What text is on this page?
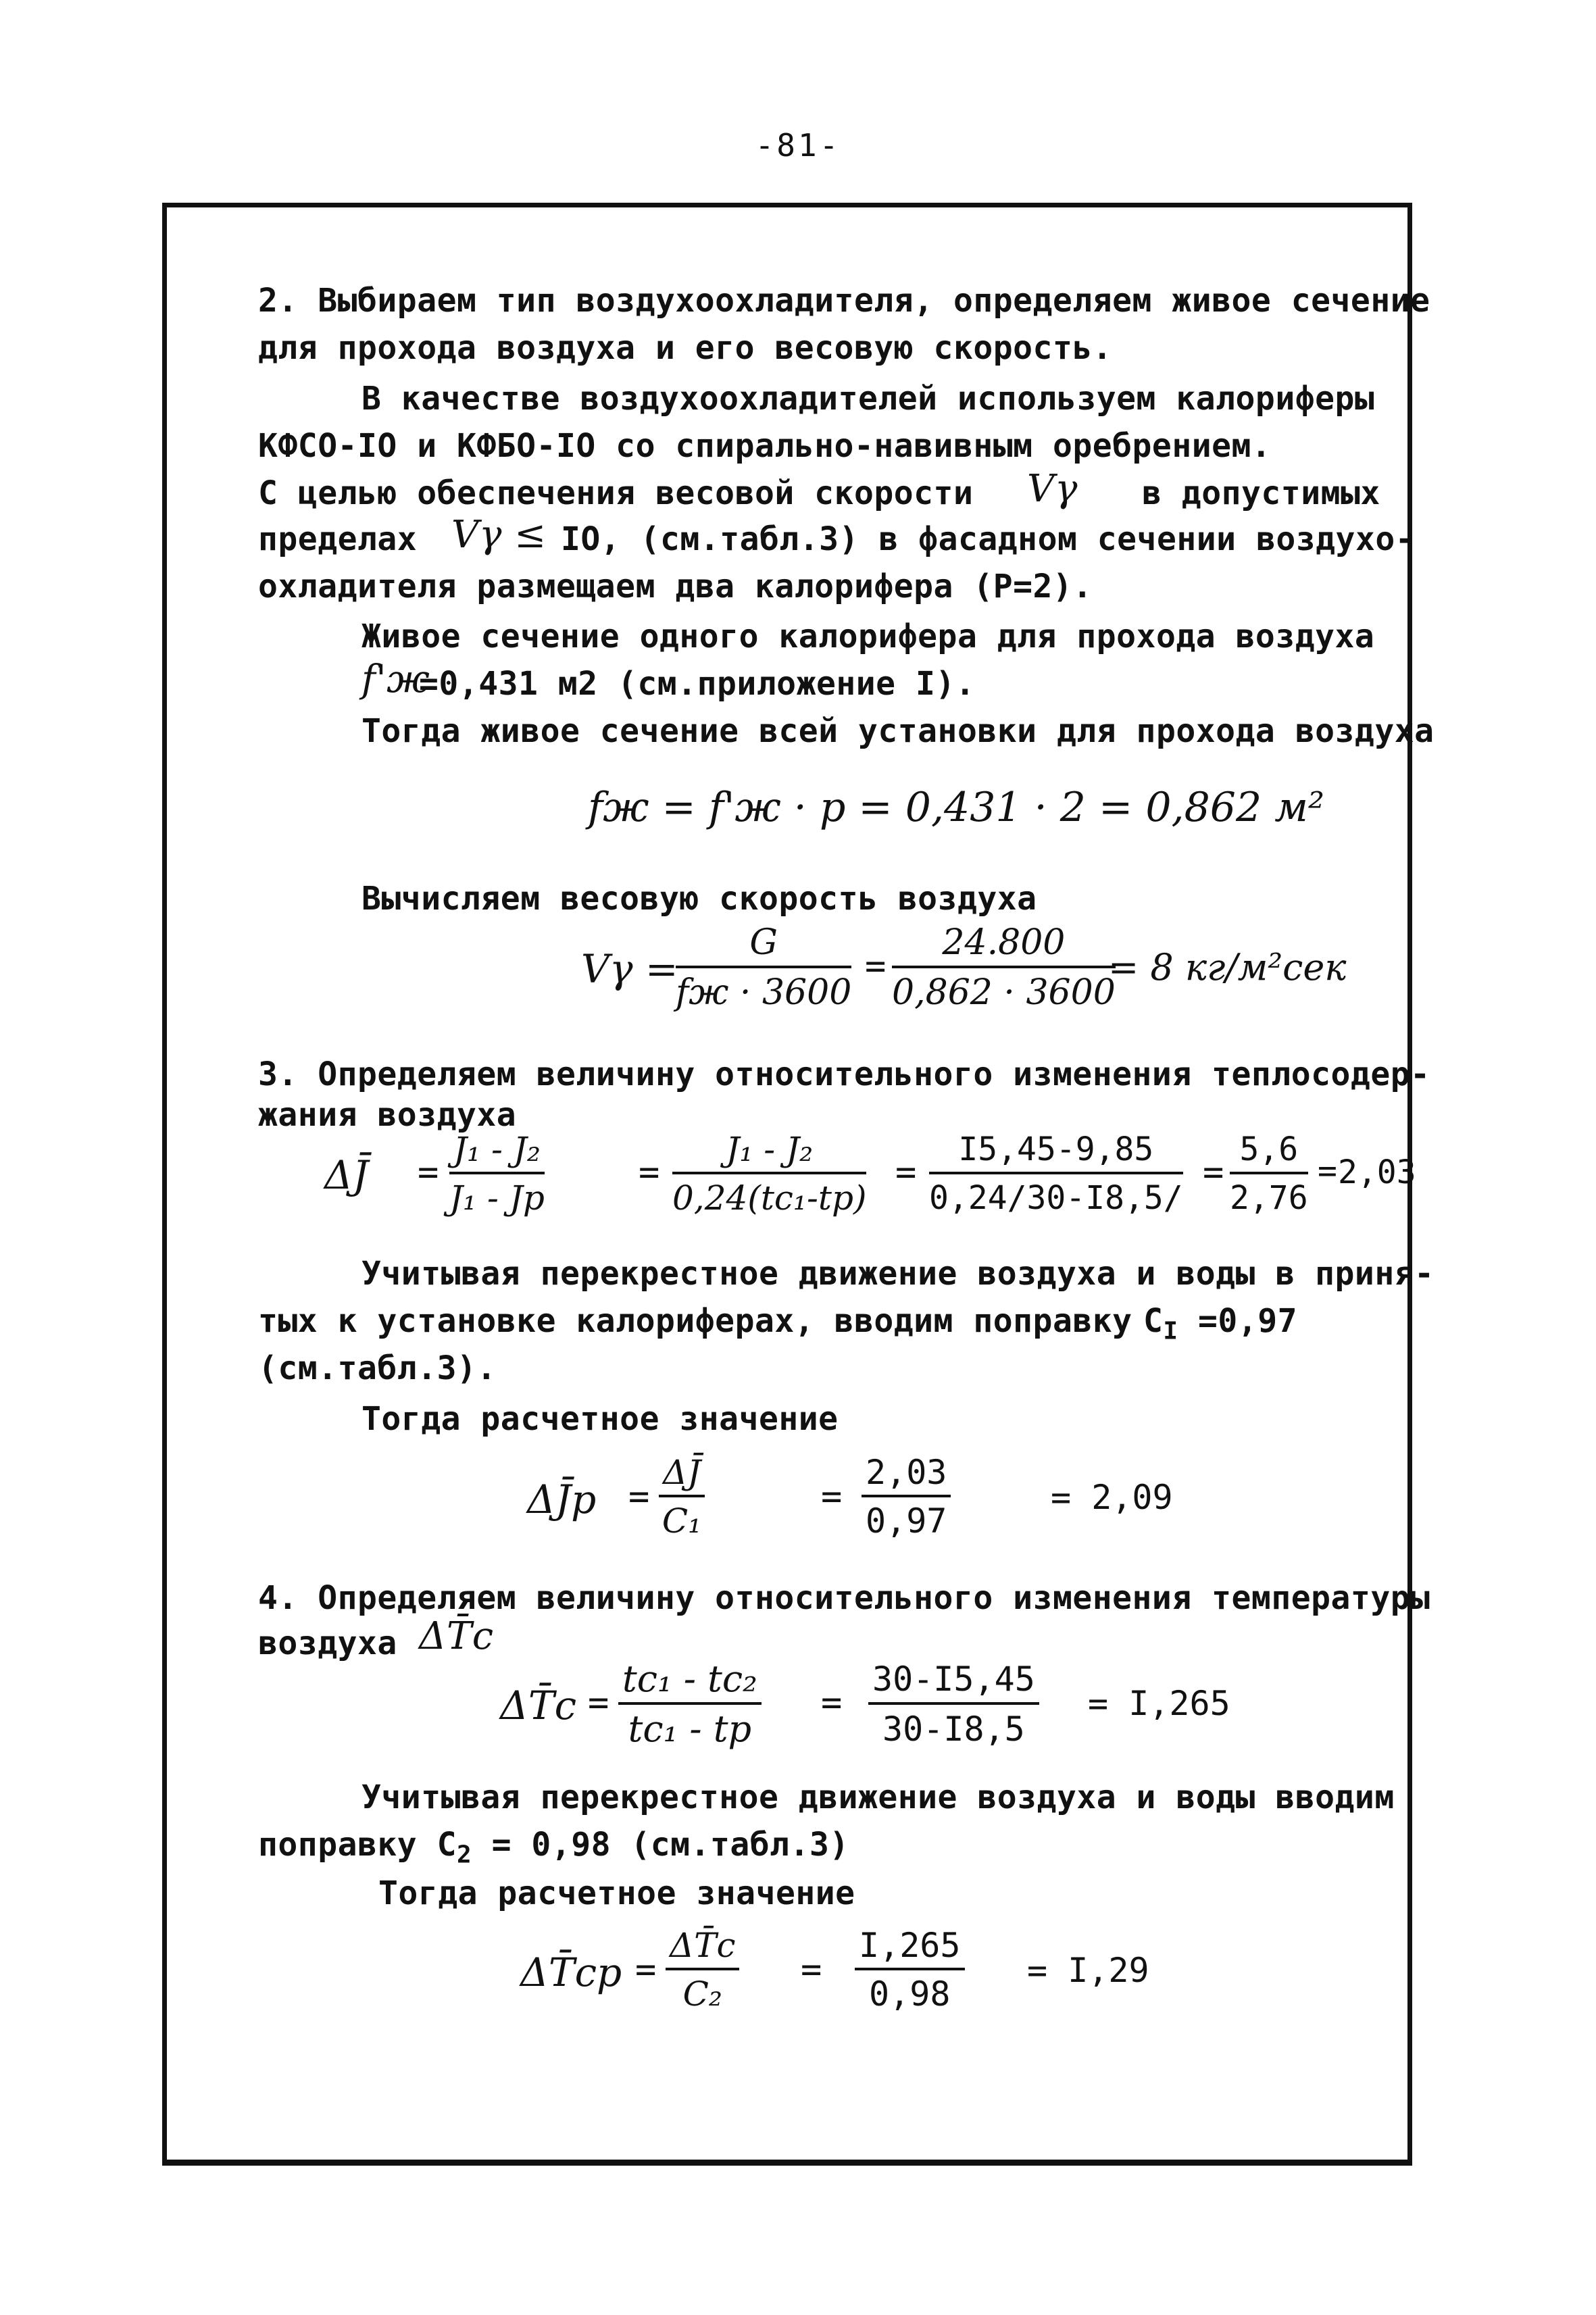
-81-
2. Выбираем тип воздухоохладителя, определяем живое сечение
для прохода воздуха и его весовую скорость.
В качестве воздухоохладителей используем калориферы
КФСО-IO и КФБО-IO со спирально-навивным оребрением.
С целью обеспечения весовой скорости Vγ в допустимых
пределах Vγ ≤ IO, (см.табл.3) в фасадном сечении воздухо-
охладителя размещаем два калорифера (Р=2).
Живое сечение одного калорифера для прохода воздуха
f'ж
=0,431 м2 (см.приложение I).
Тогда живое сечение всей установки для прохода воздуха
fж = f'ж · р = 0,431 · 2 = 0,862 м²
Вычисляем весовую скорость воздуха
Vγ =
G
fж · 3600
= $\frac{24.800}{0,862 \cdot 3600}$
= 8 кг/м²сек
3. Определяем величину относительного изменения теплосодер-
жания воздуха
ΔJ̄ =
J₁ - J₂
J₁ - Jр
=
J₁ - J₂
0,24(tc₁-tр)
= $\frac{I5,45-9,85}{0,24/30-I8,5/} = \frac{5,6}{2,76} = 2,03$
Учитывая перекрестное движение воздуха и воды в приня-
тых к установке калориферах, вводим поправку $C_I =0,97$
(см.табл.3).
Тогда расчетное значение
ΔJ̄р = $\frac{\Delta J̄}{\text{C₁}}$	= $\frac{2,03}{0,97}$	= 2,09
4. Определяем величину относительного изменения температуры
воздуха ΔT̄c
ΔT̄c =
tc₁ - tc₂
tc₁ - tр
= $\frac{30-I5,45}{30-I8,5} = I,265$
Учитывая перекрестное движение воздуха и воды вводим
поправку $C_2 = 0,98$ (см.табл.3)
Тогда расчетное значение
ΔT̄cр = $\frac{\Delta T̄c}{\text{C₂}} = \frac{I,265}{0,98} = I,29$
